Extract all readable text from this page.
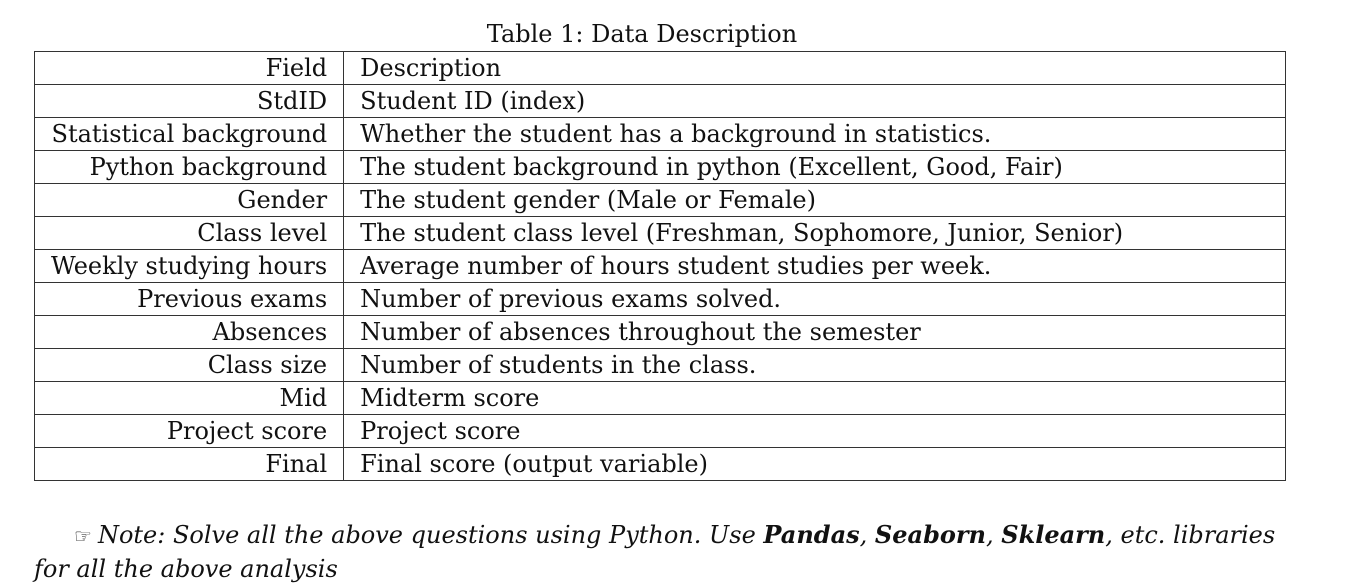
Table 1: Data Description
Field	Description
StdID	Student ID (index)
Statistical background	Whether the student has a background in statistics.
Python background	The student background in python (Excellent, Good, Fair)
Gender	The student gender (Male or Female)
Class level	The student class level (Freshman, Sophomore, Junior, Senior)
Weekly studying hours	Average number of hours student studies per week.
Previous exams	Number of previous exams solved.
Absences	Number of absences throughout the semester
Class size	Number of students in the class.
Mid	Midterm score
Project score	Project score
Final	Final score (output variable)
☞ Note: Solve all the above questions using Python. Use Pandas, Seaborn, Sklearn, etc. libraries
for all the above analysis
